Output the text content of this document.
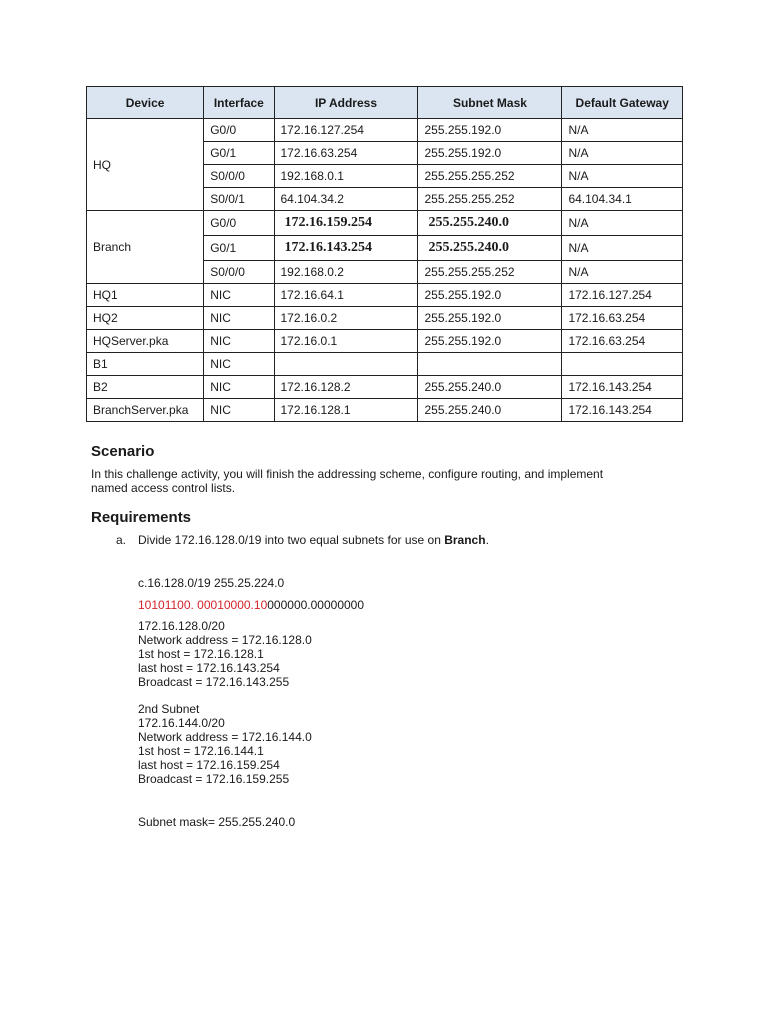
Device	Interface	IP Address	Subnet Mask	Default Gateway
HQ	G0/0	172.16.127.254	255.255.192.0	N/A
	G0/1	172.16.63.254	255.255.192.0	N/A
	S0/0/0	192.168.0.1	255.255.255.252	N/A
	S0/0/1	64.104.34.2	255.255.255.252	64.104.34.1
Branch	G0/0	172.16.159.254	255.255.240.0	N/A
	G0/1	172.16.143.254	255.255.240.0	N/A
	S0/0/0	192.168.0.2	255.255.255.252	N/A
HQ1	NIC	172.16.64.1	255.255.192.0	172.16.127.254
HQ2	NIC	172.16.0.2	255.255.192.0	172.16.63.254
HQServer.pka	NIC	172.16.0.1	255.255.192.0	172.16.63.254
B1	NIC			
B2	NIC	172.16.128.2	255.255.240.0	172.16.143.254
BranchServer.pka	NIC	172.16.128.1	255.255.240.0	172.16.143.254
Scenario

In this challenge activity, you will finish the addressing scheme, configure routing, and implement
named access control lists.

Requirements

a. Divide 172.16.128.0/19 into two equal subnets for use on Branch.

c.16.128.0/19 255.25.224.0

10101100. 00010000.10000000.00000000

172.16.128.0/20
Network address = 172.16.128.0
1st host = 172.16.128.1
last host = 172.16.143.254
Broadcast = 172.16.143.255
2nd Subnet
172.16.144.0/20
Network address = 172.16.144.0
1st host = 172.16.144.1
last host = 172.16.159.254
Broadcast = 172.16.159.255

Subnet mask= 255.255.240.0
